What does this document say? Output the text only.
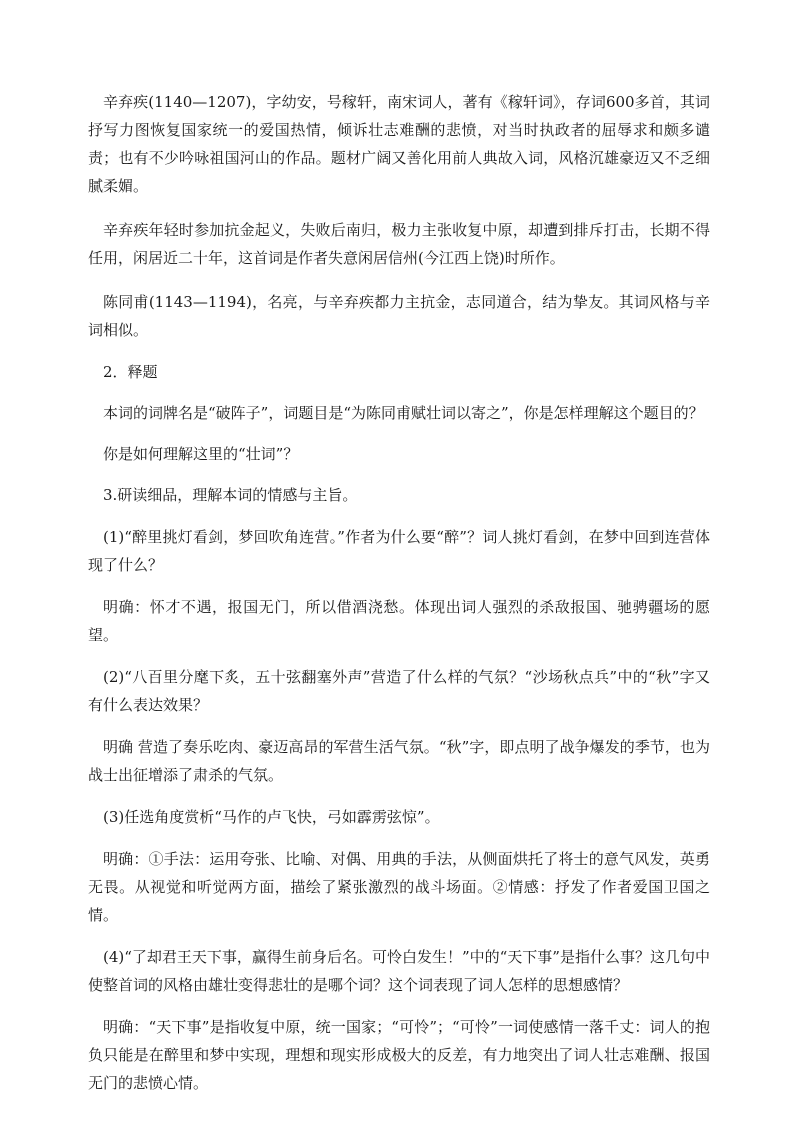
辛弃疾(1140—1207)，字幼安，号稼轩，南宋词人，著有《稼轩词》，存词600多首，其词抒写力图恢复国家统一的爱国热情，倾诉壮志难酬的悲愤，对当时执政者的屈辱求和颇多谴责；也有不少吟咏祖国河山的作品。题材广阔又善化用前人典故入词，风格沉雄豪迈又不乏细腻柔媚。

辛弃疾年轻时参加抗金起义，失败后南归，极力主张收复中原，却遭到排斥打击，长期不得任用，闲居近二十年，这首词是作者失意闲居信州(今江西上饶)时所作。

陈同甫(1143—1194)，名亮，与辛弃疾都力主抗金，志同道合，结为挚友。其词风格与辛词相似。

2．释题

本词的词牌名是“破阵子”，词题目是“为陈同甫赋壮词以寄之”，你是怎样理解这个题目的？

你是如何理解这里的“壮词”？

3.研读细品，理解本词的情感与主旨。

(1)“醉里挑灯看剑，梦回吹角连营。”作者为什么要“醉”？词人挑灯看剑，在梦中回到连营体现了什么？

明确：怀才不遇，报国无门，所以借酒浇愁。体现出词人强烈的杀敌报国、驰骋疆场的愿望。

(2)“八百里分麾下炙，五十弦翻塞外声”营造了什么样的气氛？“沙场秋点兵”中的“秋”字又有什么表达效果？

明确 营造了奏乐吃肉、豪迈高昂的军营生活气氛。“秋”字，即点明了战争爆发的季节，也为战士出征增添了肃杀的气氛。

(3)任选角度赏析“马作的卢飞快，弓如霹雳弦惊”。

明确：①手法：运用夸张、比喻、对偶、用典的手法，从侧面烘托了将士的意气风发，英勇无畏。从视觉和听觉两方面，描绘了紧张激烈的战斗场面。②情感：抒发了作者爱国卫国之情。

(4)“了却君王天下事，赢得生前身后名。可怜白发生！”中的“天下事”是指什么事？这几句中使整首词的风格由雄壮变得悲壮的是哪个词？这个词表现了词人怎样的思想感情？

明确：“天下事”是指收复中原，统一国家；“可怜”；“可怜”一词使感情一落千丈：词人的抱负只能是在醉里和梦中实现，理想和现实形成极大的反差，有力地突出了词人壮志难酬、报国无门的悲愤心情。
